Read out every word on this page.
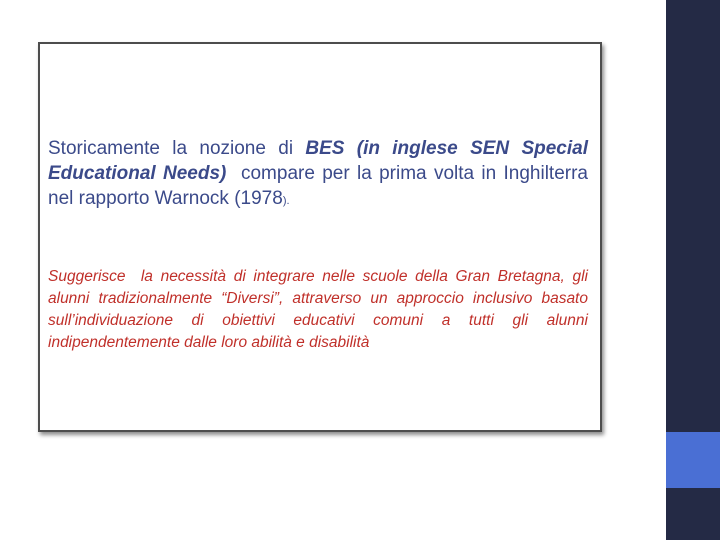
Storicamente la nozione di BES (in inglese SEN Special Educational Needs)  compare per la prima volta in Inghilterra nel rapporto Warnock (1978).

Suggerisce  la necessità di integrare nelle scuole della Gran Bretagna, gli alunni tradizionalmente “Diversi”, attraverso un approccio inclusivo basato sull’individuazione di obiettivi educativi comuni a tutti gli alunni indipendentemente dalle loro abilità e disabilità
